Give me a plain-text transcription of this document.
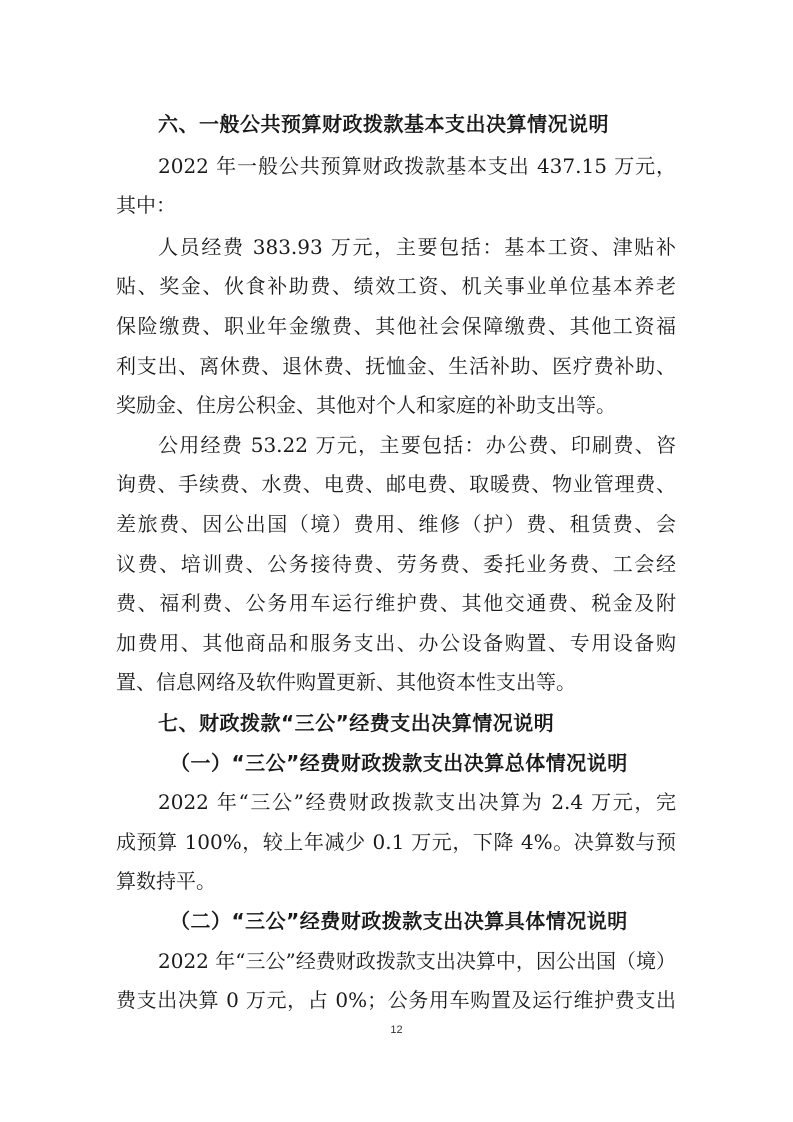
六、一般公共预算财政拨款基本支出决算情况说明

2022 年一般公共预算财政拨款基本支出 437.15 万元，

其中：

人员经费 383.93 万元，主要包括：基本工资、津贴补

贴、奖金、伙食补助费、绩效工资、机关事业单位基本养老

保险缴费、职业年金缴费、其他社会保障缴费、其他工资福

利支出、离休费、退休费、抚恤金、生活补助、医疗费补助、

奖励金、住房公积金、其他对个人和家庭的补助支出等。

公用经费 53.22 万元，主要包括：办公费、印刷费、咨

询费、手续费、水费、电费、邮电费、取暖费、物业管理费、

差旅费、因公出国（境）费用、维修（护）费、租赁费、会

议费、培训费、公务接待费、劳务费、委托业务费、工会经

费、福利费、公务用车运行维护费、其他交通费、税金及附

加费用、其他商品和服务支出、办公设备购置、专用设备购

置、信息网络及软件购置更新、其他资本性支出等。

七、财政拨款“三公”经费支出决算情况说明

（一）“三公”经费财政拨款支出决算总体情况说明

2022 年“三公”经费财政拨款支出决算为 2.4 万元，完

成预算 100%，较上年减少 0.1 万元，下降 4%。决算数与预

算数持平。

（二）“三公”经费财政拨款支出决算具体情况说明

2022 年“三公”经费财政拨款支出决算中，因公出国（境）

费支出决算 0 万元，占 0%；公务用车购置及运行维护费支出

12
